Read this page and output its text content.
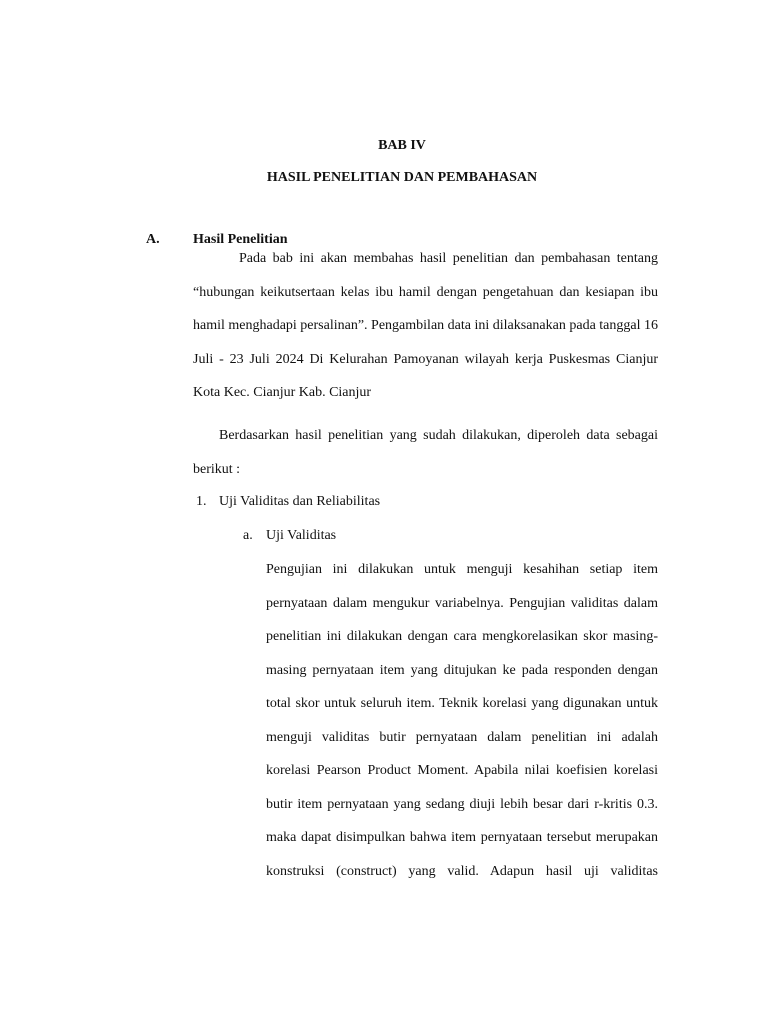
BAB IV
HASIL PENELITIAN DAN PEMBAHASAN
A. Hasil Penelitian
Pada bab ini akan membahas hasil penelitian dan pembahasan tentang “hubungan keikutsertaan kelas ibu hamil dengan pengetahuan dan kesiapan ibu hamil menghadapi persalinan”. Pengambilan data ini dilaksanakan pada tanggal 16 Juli - 23 Juli 2024 Di Kelurahan Pamoyanan wilayah kerja Puskesmas Cianjur Kota Kec. Cianjur Kab. Cianjur
Berdasarkan hasil penelitian yang sudah dilakukan, diperoleh data sebagai berikut :
1. Uji Validitas dan Reliabilitas
a. Uji Validitas
Pengujian ini dilakukan untuk menguji kesahihan setiap item pernyataan dalam mengukur variabelnya. Pengujian validitas dalam penelitian ini dilakukan dengan cara mengkorelasikan skor masing-masing pernyataan item yang ditujukan ke pada responden dengan total skor untuk seluruh item. Teknik korelasi yang digunakan untuk menguji validitas butir pernyataan dalam penelitian ini adalah korelasi Pearson Product Moment. Apabila nilai koefisien korelasi butir item pernyataan yang sedang diuji lebih besar dari r-kritis 0.3. maka dapat disimpulkan bahwa item pernyataan tersebut merupakan konstruksi (construct) yang valid. Adapun hasil uji validitas
